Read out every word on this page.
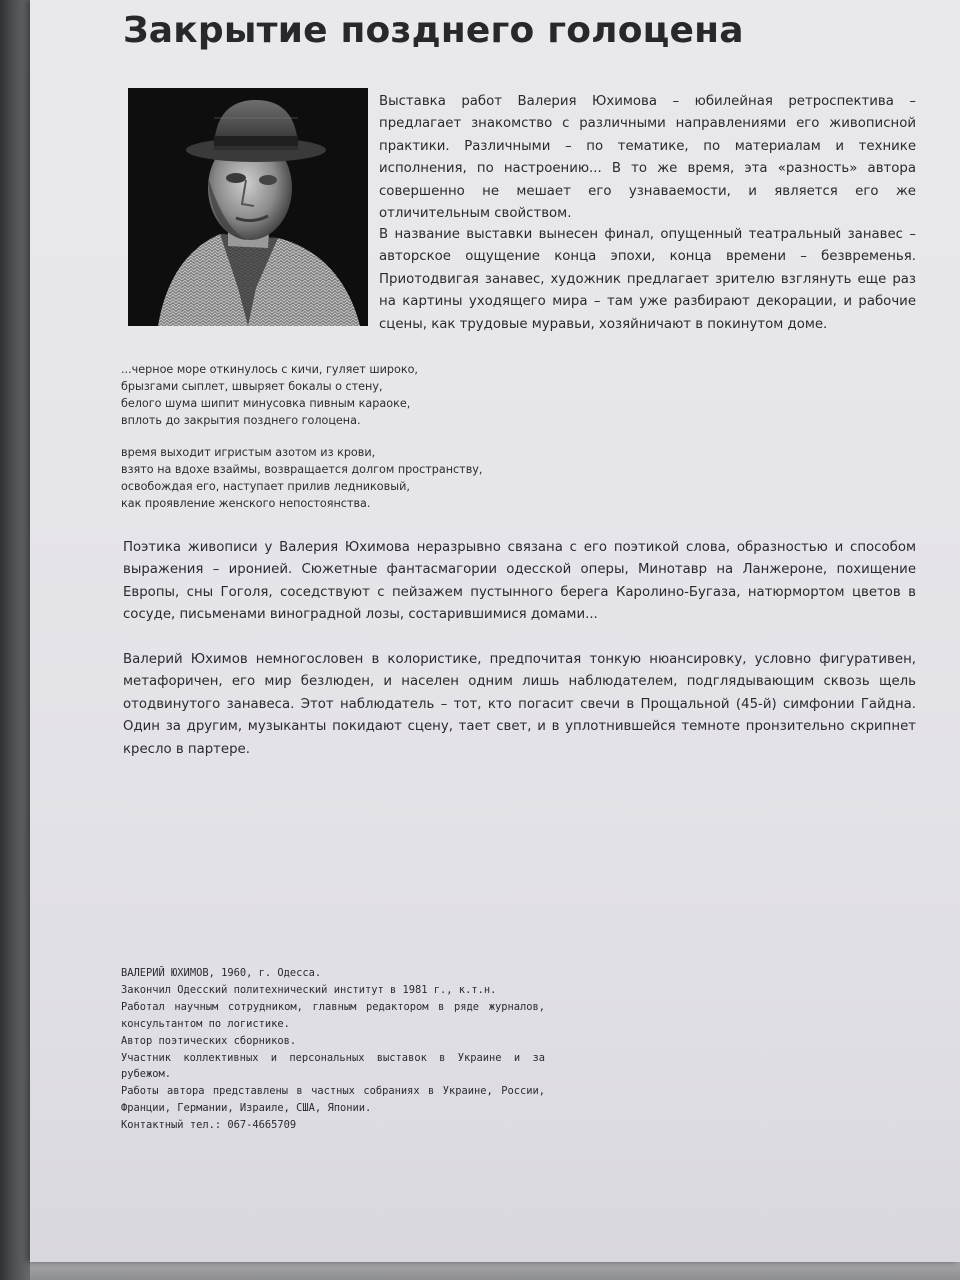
Закрытие позднего голоцена

Выставка работ Валерия Юхимова – юбилейная ретроспектива – предлагает знакомство с различными направлениями его живописной практики. Различными – по тематике, по материалам и технике исполнения, по настроению... В то же время, эта «разность» автора совершенно не мешает его узнаваемости, и является его же отличительным свойством.

В название выставки вынесен финал, опущенный театральный занавес – авторское ощущение конца эпохи, конца времени – безвременья. Приотодвигая занавес, художник предлагает зрителю взглянуть еще раз на картины уходящего мира – там уже разбирают декорации, и рабочие сцены, как трудовые муравьи, хозяйничают в покинутом доме.

...черное море откинулось с кичи, гуляет широко,
брызгами сыплет, швыряет бокалы о стену,
белого шума шипит минусовка пивным караоке,
вплоть до закрытия позднего голоцена.

время выходит игристым азотом из крови,
взято на вдохе взаймы, возвращается долгом пространству,
освобождая его, наступает прилив ледниковый,
как проявление женского непостоянства.

Поэтика живописи у Валерия Юхимова неразрывно связана с его поэтикой слова, образностью и способом выражения – иронией. Сюжетные фантасмагории одесской оперы, Минотавр на Ланжероне, похищение Европы, сны Гоголя, соседствуют с пейзажем пустынного берега Каролино-Бугаза, натюрмортом цветов в сосуде, письменами виноградной лозы, состарившимися домами...

Валерий Юхимов немногословен в колористике, предпочитая тонкую нюансировку, условно фигуративен, метафоричен, его мир безлюден, и населен одним лишь наблюдателем, подглядывающим сквозь щель отодвинутого занавеса. Этот наблюдатель – тот, кто погасит свечи в Прощальной (45-й) симфонии Гайдна. Один за другим, музыканты покидают сцену, тает свет, и в уплотнившейся темноте пронзительно скрипнет кресло в партере.

ВАЛЕРИЙ ЮХИМОВ, 1960, г. Одесса.
Закончил Одесский политехнический институт в 1981 г., к.т.н.
Работал научным сотрудником, главным редактором в ряде журналов, консультантом по логистике.
Автор поэтических сборников.
Участник коллективных и персональных выставок в Украине и за рубежом.
Работы автора представлены в частных собраниях в Украине, России, Франции, Германии, Израиле, США, Японии.
Контактный тел.: 067-4665709
